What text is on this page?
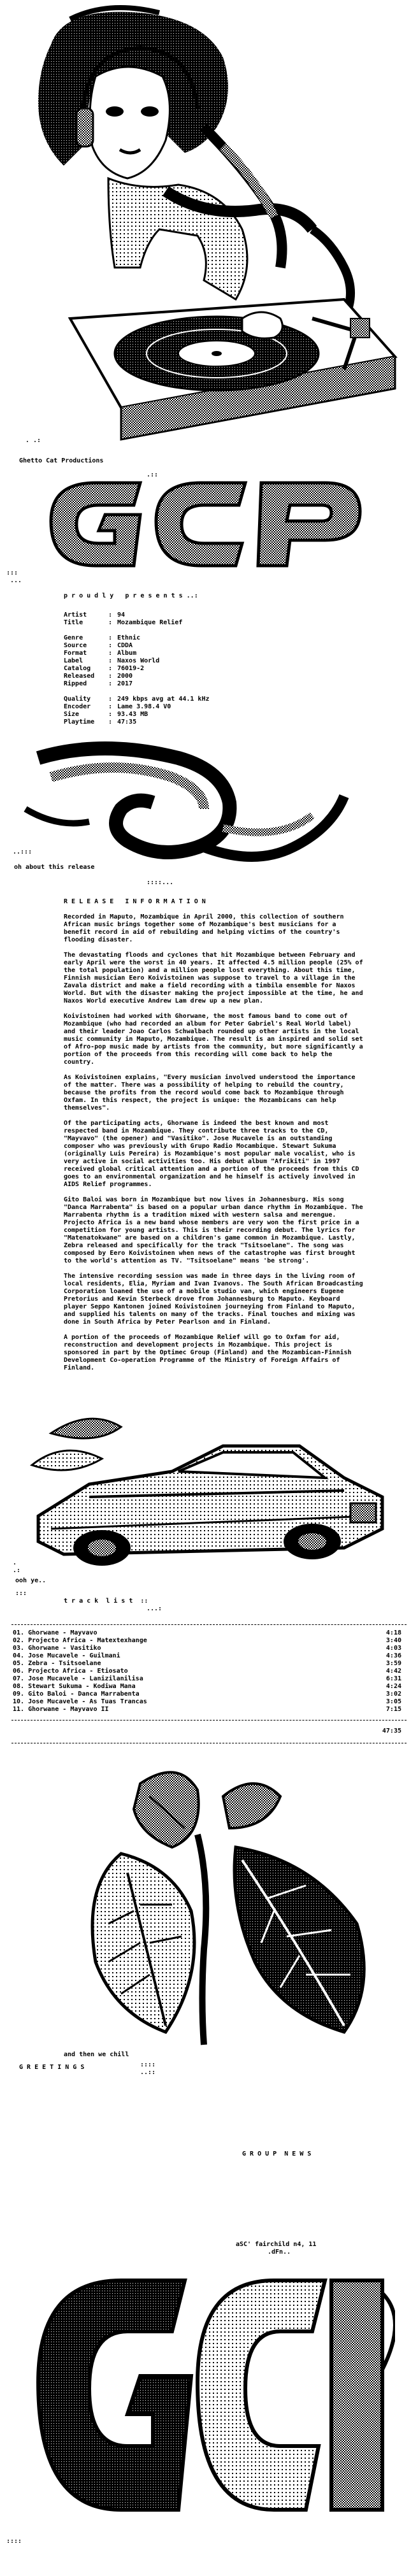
. .:
Ghetto Cat Productions
.::
:::
...
p r o u d l y   p r e s e n t s ..:
Artist	: 94
Title	: Mozambique Relief
Genre	: Ethnic
Source	: CDDA
Format	: Album
Label	: Naxos World
Catalog	: 76019-2
Released : 2000
Ripped	: 2017
Quality	: 249 kbps avg at 44.1 kHz
Encoder	: Lame 3.98.4 V0
Size	: 93.43 MB
Playtime : 47:35
..:::
oh about this release
::::...
R E L E A S E   I N F O R M A T I O N

Recorded in Maputo, Mozambique in April 2000, this collection of southern African music brings together some of Mozambique's best musicians for a benefit record in aid of rebuilding and helping victims of the country's flooding disaster.

The devastating floods and cyclones that hit Mozambique between February and early April were the worst in 40 years. It affected 4.5 million people (25% of the total population) and a million people lost everything. About this time, Finnish musician Eero Koivistoinen was suppose to travel to a village in the Zavala district and make a field recording with a timbila ensemble for Naxos World. But with the disaster making the project impossible at the time, he and Naxos World executive Andrew Lam drew up a new plan.

Koivistoinen had worked with Ghorwane, the most famous band to come out of Mozambique (who had recorded an album for Peter Gabriel's Real World label) and their leader Joao Carlos Schwalbach rounded up other artists in the local music community in Maputo, Mozambique. The result is an inspired and solid set of Afro-pop music made by artists from the community, but more significantly a portion of the proceeds from this recording will come back to help the country.

As Koivistoinen explains, "Every musician involved understood the importance of the matter. There was a possibility of helping to rebuild the country, because the profits from the record would come back to Mozambique through Oxfam. In this respect, the project is unique: the Mozambicans can help themselves".

Of the participating acts, Ghorwane is indeed the best known and most respected band in Mozambique. They contribute three tracks to the CD, "Mayvavo" (the opener) and "Vasitiko". Jose Mucavele is an outstanding composer who was previously with Grupo Radio Mocambique. Stewart Sukuma (originally Luis Pereira) is Mozambique's most popular male vocalist, who is very active in social activities too. His debut album "Afrikiti" in 1997 received global critical attention and a portion of the proceeds from this CD goes to an environmental organization and he himself is actively involved in AIDS Relief programmes.

Gito Baloi was born in Mozambique but now lives in Johannesburg. His song "Danca Marrabenta" is based on a popular urban dance rhythm in Mozambique. The Marrabenta rhythm is a tradition mixed with western salsa and merengue. Projecto Africa is a new band whose members are very won the first price in a competition for young artists. This is their recording debut. The lyrics for "Matenatokwane" are based on a children's game common in Mozambique. Lastly, Zebra released and specifically for the track "Tsitsoelane". The song was composed by Eero Koivistoinen when news of the catastrophe was first brought to the world's attention as TV. "Tsitsoelane" means 'be strong'.

The intensive recording session was made in three days in the living room of local residents, Elia, Myriam and Ivan Ivanovs. The South African Broadcasting Corporation loaned the use of a mobile studio van, which engineers Eugene Pretorius and Kevin Sterbeck drove from Johannesburg to Maputo. Keyboard player Seppo Kantonen joined Koivistoinen journeying from Finland to Maputo, and supplied his talents on many of the tracks. Final touches and mixing was done in South Africa by Peter Pearlson and in Finland.

A portion of the proceeds of Mozambique Relief will go to Oxfam for aid, reconstruction and development projects in Mozambique. This project is sponsored in part by the Optimec Group (Finland) and the Mozambican-Finnish Development Co-operation Programme of the Ministry of Foreign Affairs of Finland.

.
.:
ooh ye..
:::
t r a c k  l i s t  ::
...:
01. Ghorwane - Mayvavo	4:18
02. Projecto Africa - Matextexhange	3:40
03. Ghorwane - Vasitiko	4:03
04. Jose Mucavele - Guilmani	4:36
05. Zebra - Tsitsoelane	3:59
06. Projecto Africa - Etiosato	4:42
07. Jose Mucavele - Lanizilanilisa	6:31
08. Stewart Sukuma - Kodiwa Mana	4:24
09. Gito Baloi - Danca Marrabenta	3:02
10. Jose Mucavele - As Tuas Trancas	3:05
11. Ghorwane - Mayvavo II	7:15
47:35
and then we chill
G R E E T I N G S	::::
..::
G R O U P  N E W S
aSC' fairchild n4, 11
.dFn..
::::
